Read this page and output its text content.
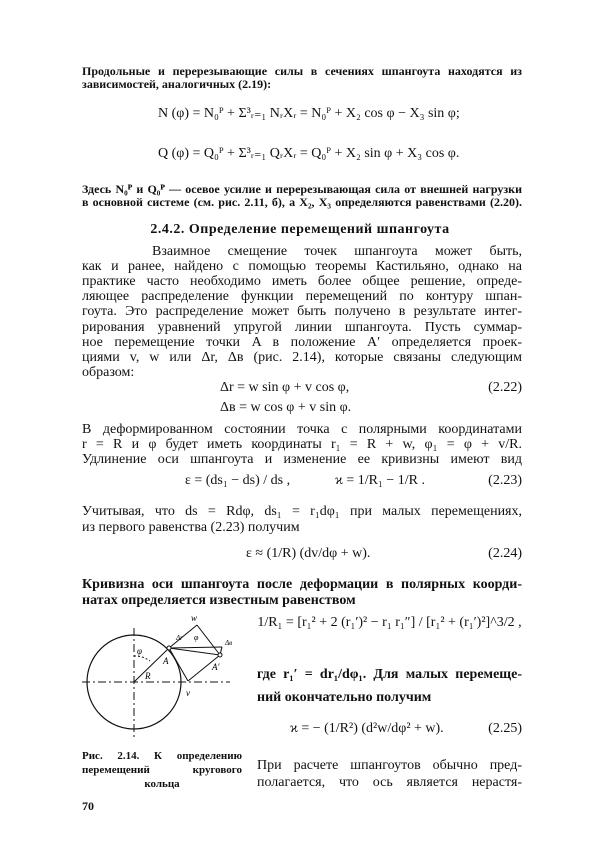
Продольные и перерезывающие силы в сечениях шпангоута находятся из
зависимостей, аналогичных (2.19):
N (φ) = N₀ᴾ + Σ³ᵣ₌₁ NᵣXᵣ = N₀ᴾ + X₂ cos φ − X₃ sin φ;
Q (φ) = Q₀ᴾ + Σ³ᵣ₌₁ QᵣXᵣ = Q₀ᴾ + X₂ sin φ + X₃ cos φ.
Здесь N₀ᴾ и Q₀ᴾ — осевое усилие и перерезывающая сила от внешней нагрузки
в основной системе (см. рис. 2.11, б), а X₂, X₃ определяются равенствами (2.20).
2.4.2. Определение перемещений шпангоута
Взаимное смещение точек шпангоута может быть,
как и ранее, найдено с помощью теоремы Кастильяно, однако на
практике часто необходимо иметь более общее решение, опреде-
ляющее распределение функции перемещений по контуру шпан-
гоута. Это распределение может быть получено в результате интег-
рирования уравнений упругой линии шпангоута. Пусть суммар-
ное перемещение точки A в положение A′ определяется проек-
циями v, w или Δr, Δв (рис. 2.14), которые связаны следующим
образом:
Δr = w sin φ + v cos φ,	(2.22)
Δв = w cos φ + v sin φ.
В деформированном состоянии точка с полярными координатами
r = R и φ будет иметь координаты r₁ = R + w, φ₁ = φ + v/R.
Удлинение оси шпангоута и изменение ее кривизны имеют вид
ε = (ds₁ − ds) / ds ,	ϰ = 1/R₁ − 1/R .	(2.23)
Учитывая, что ds = Rdφ, ds₁ = r₁dφ₁ при малых перемещениях,
из первого равенства (2.23) получим
ε ≈ (1/R) (dv/dφ + w).	(2.24)
Кривизна оси шпангоута после деформации в полярных коорди-
натах определяется известным равенством
w
v
A
A′
R
φ
φ
Δr
Δв
Рис. 2.14. К определению
перемещений кругового
кольца
1/R₁ = [r₁² + 2 (r₁′)² − r₁ r₁″] / [r₁² + (r₁′)²]^3/2 ,
где r₁′ = dr₁/dφ₁. Для малых перемеще-
ний окончательно получим
ϰ = − (1/R²) (d²w/dφ² + w).	(2.25)
При расчете шпангоутов обычно пред-
полагается, что ось является нерастя-
70
